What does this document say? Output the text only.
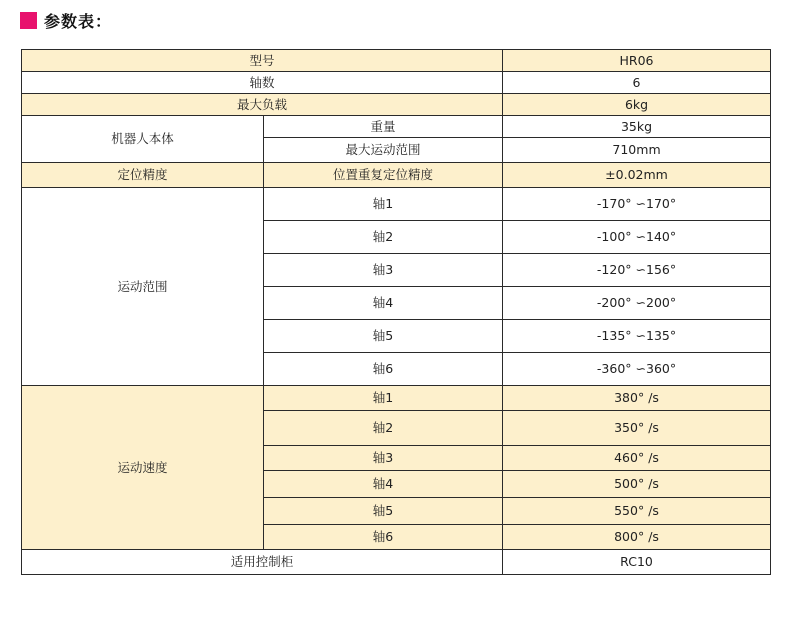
参数表：
型号		HR06
轴数		6
最大负载		6kg
机器人本体	重量	35kg
	最大运动范围	710mm
定位精度	位置重复定位精度	±0.02mm
运动范围	轴1	-170° ∽170°
	轴2	-100° ∽140°
	轴3	-120° ∽156°
	轴4	-200° ∽200°
	轴5	-135° ∽135°
	轴6	-360° ∽360°
运动速度	轴1	380° /s
	轴2	350° /s
	轴3	460° /s
	轴4	500° /s
	轴5	550° /s
	轴6	800° /s
适用控制柜		RC10
